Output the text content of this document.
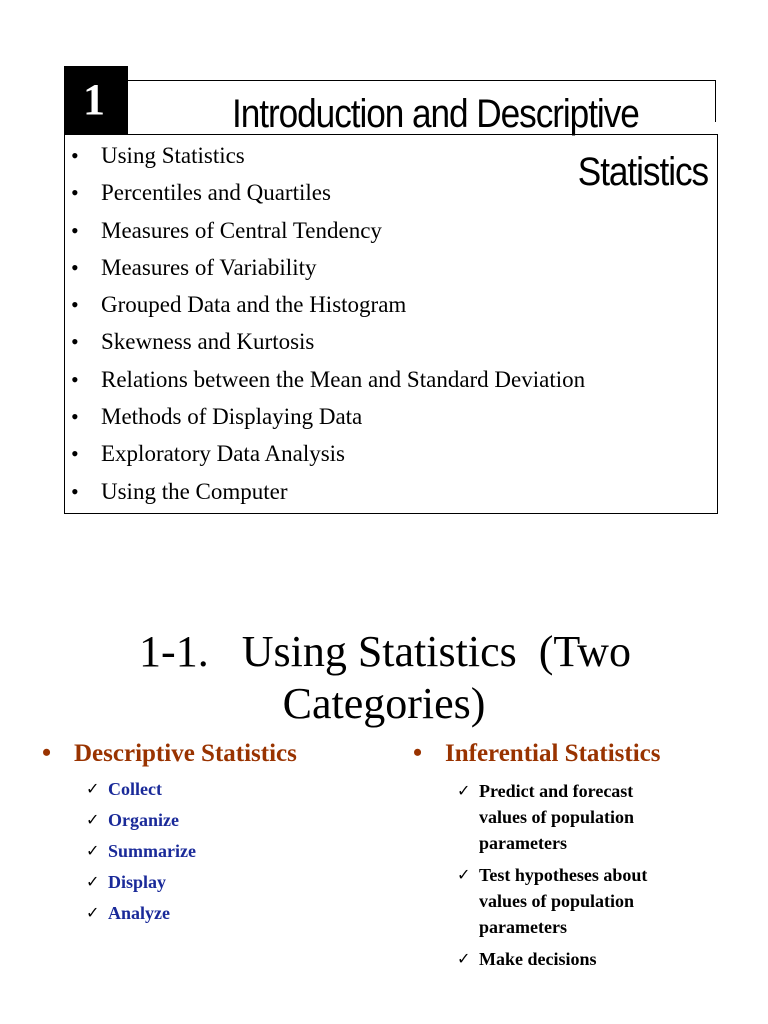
1	Introduction and Descriptive
• Using Statistics
• Percentiles and Quartiles
• Measures of Central Tendency
• Measures of Variability
• Grouped Data and the Histogram
• Skewness and Kurtosis
• Relations between the Mean and Standard Deviation
• Methods of Displaying Data
• Exploratory Data Analysis
• Using the Computer
Statistics
1-1.   Using Statistics  (Two
Categories)
• Descriptive Statistics
✓ Collect
✓ Organize
✓ Summarize
✓ Display
✓ Analyze
• Inferential Statistics
✓ Predict and forecast
values of population
parameters
✓ Test hypotheses about
values of population
parameters
✓ Make decisions
